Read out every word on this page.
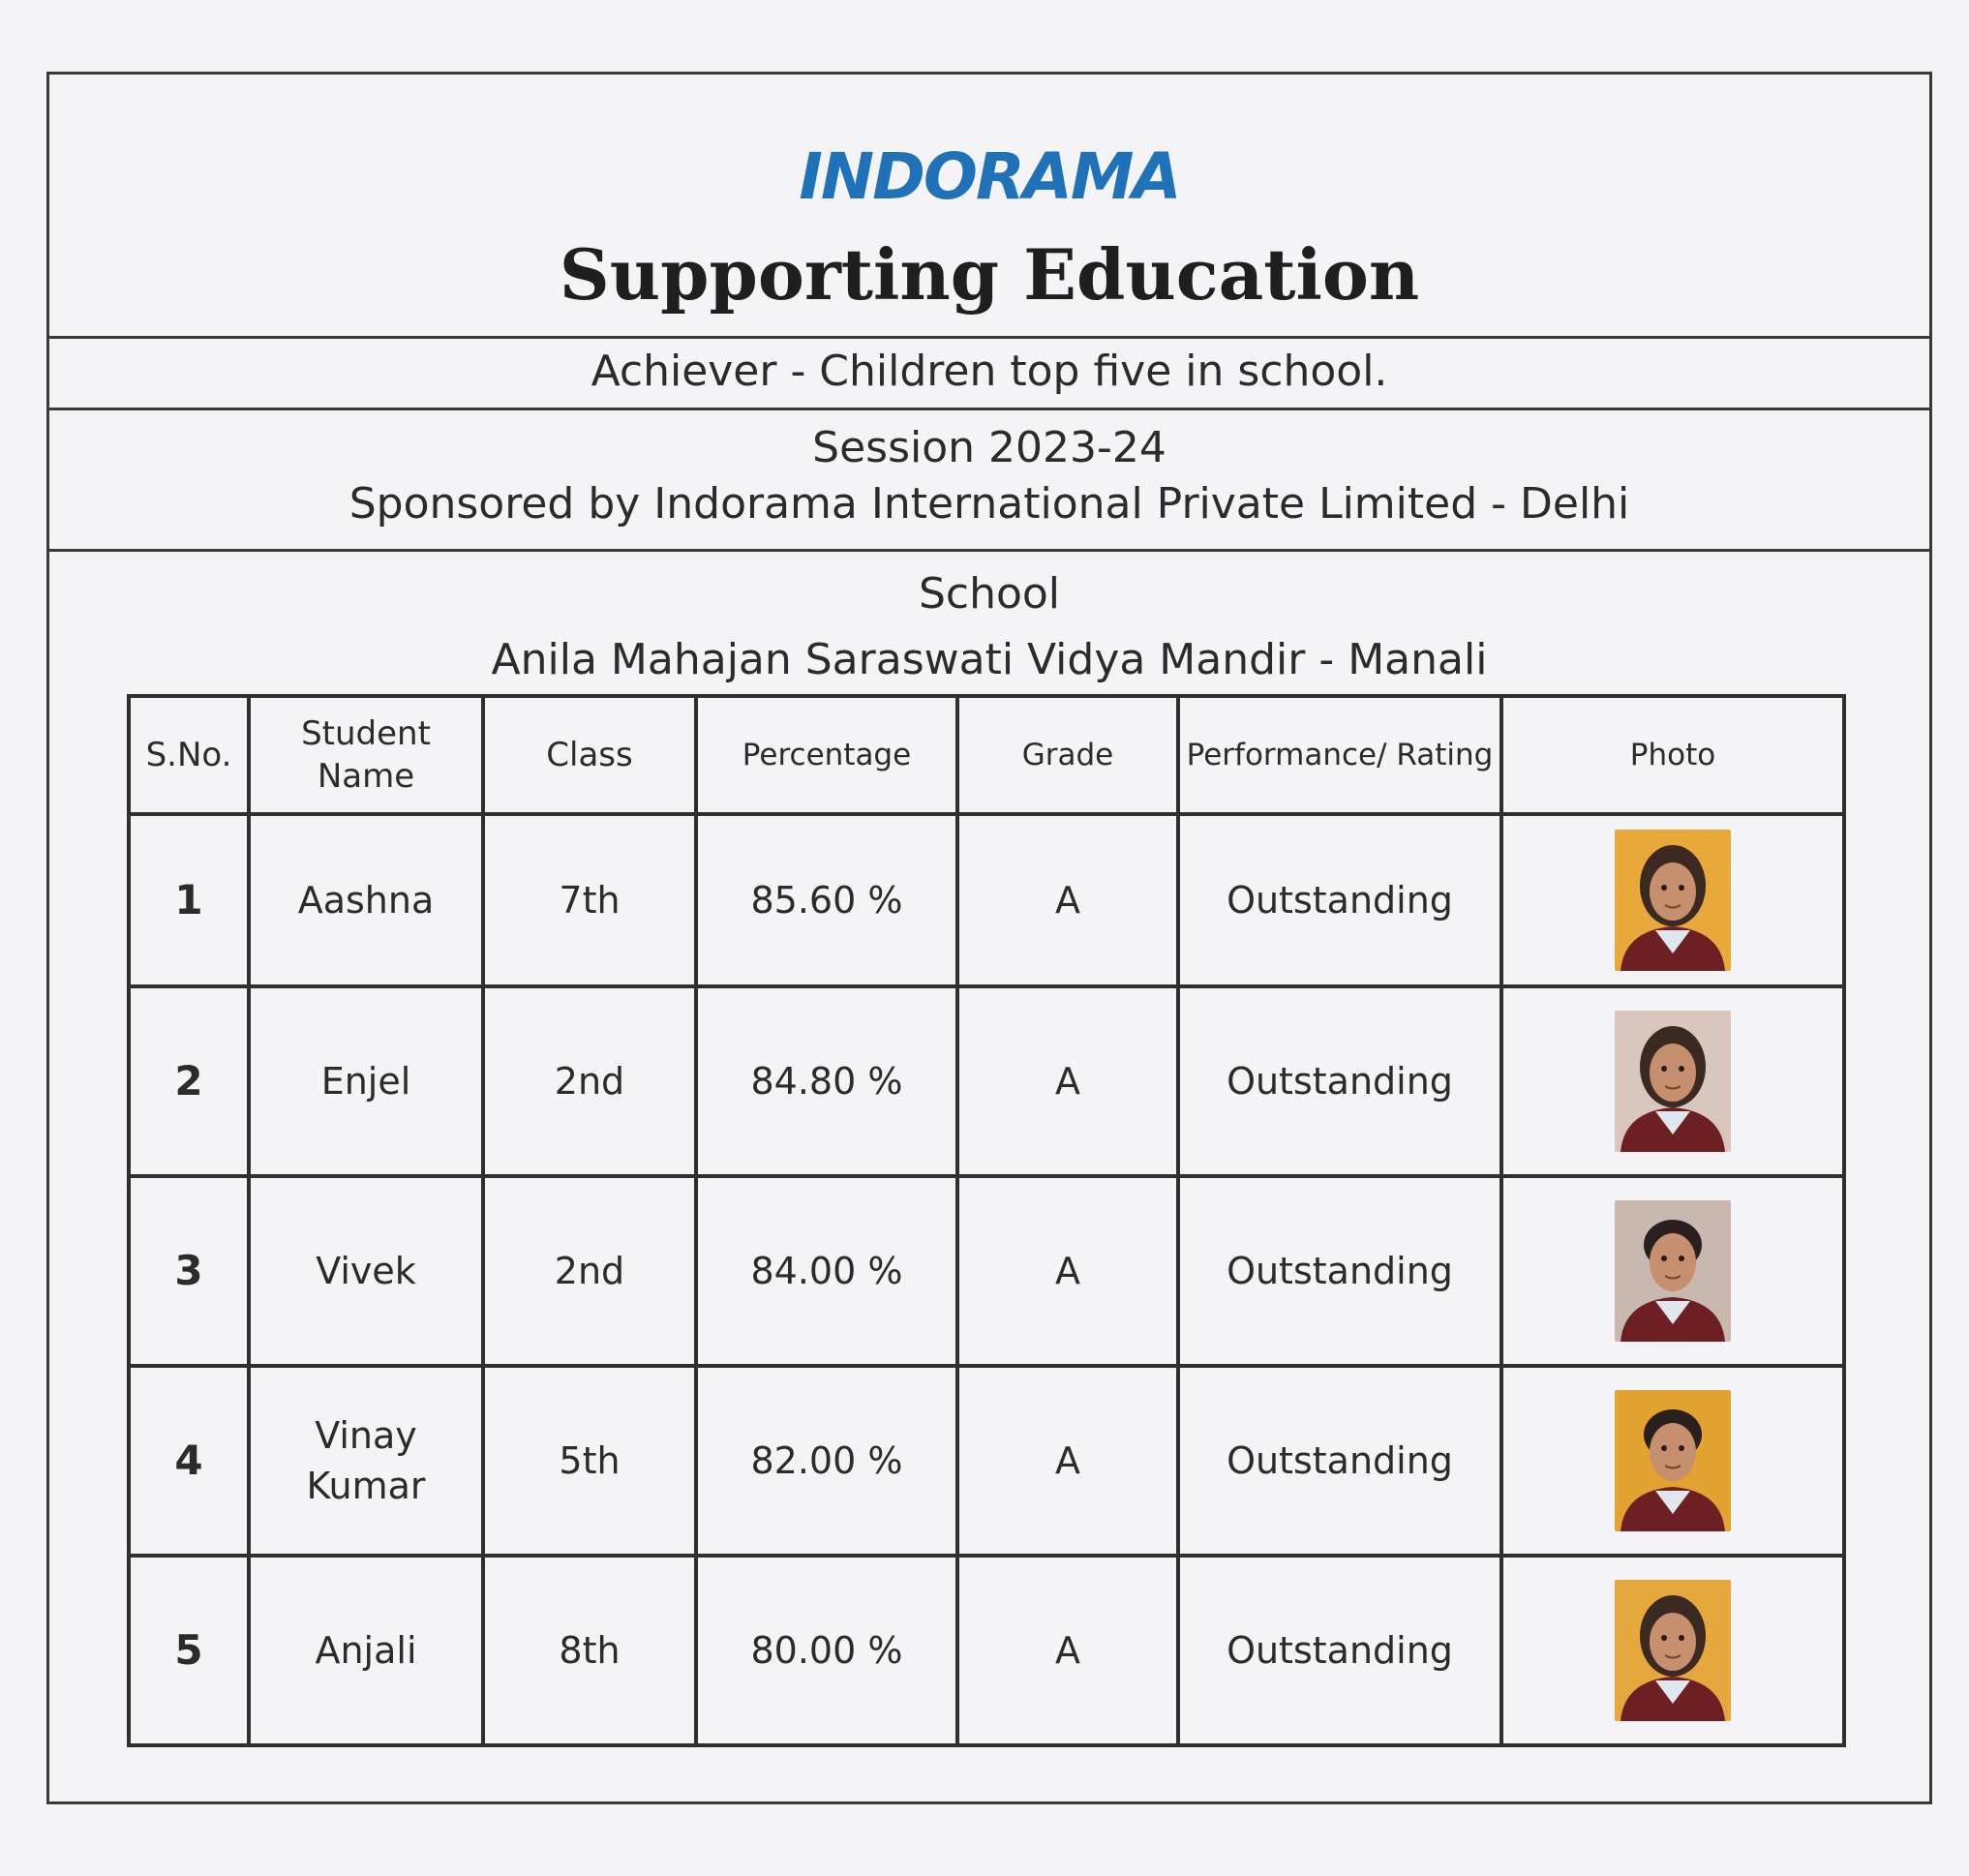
INDORAMA
Supporting Education
Achiever - Children top five in school.
Session 2023-24
Sponsored by Indorama International Private Limited - Delhi
School
Anila Mahajan Saraswati Vidya Mandir - Manali
S.No.	Student Name	Class	Percentage	Grade	Performance/ Rating	Photo
1	Aashna	7th	85.60 %	A	Outstanding	

2	Enjel	2nd	84.80 %	A	Outstanding	

3	Vivek	2nd	84.00 %	A	Outstanding	

4	Vinay Kumar	5th	82.00 %	A	Outstanding	

5	Anjali	8th	80.00 %	A	Outstanding	
